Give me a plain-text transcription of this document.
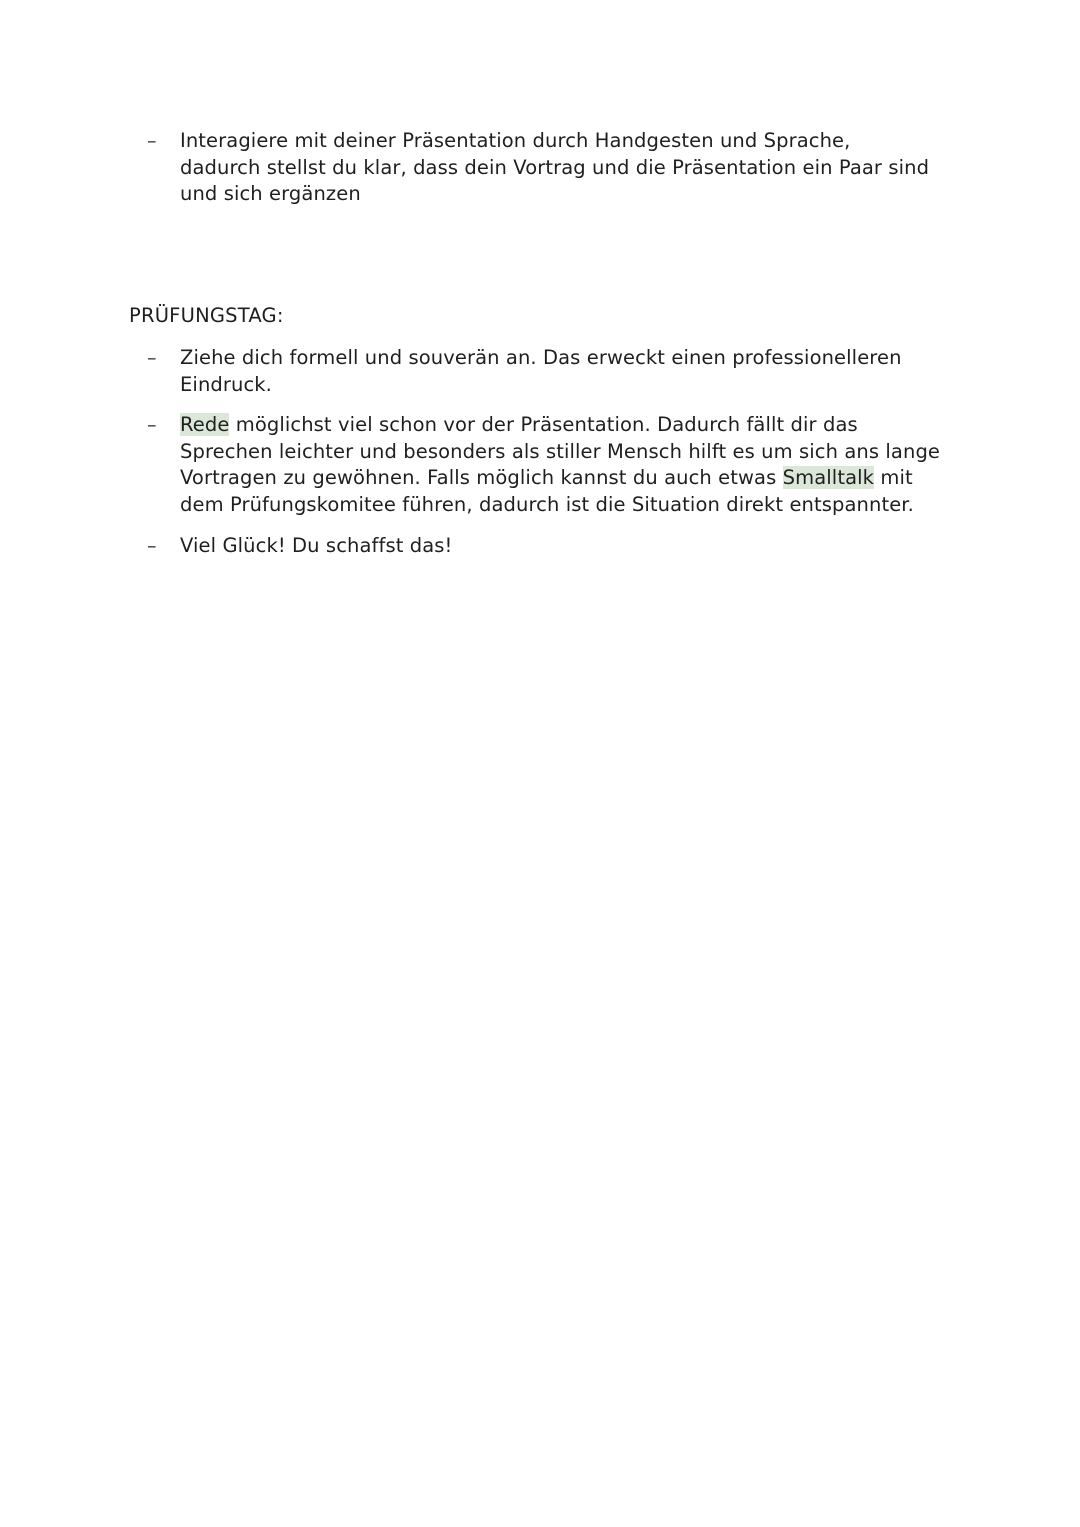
– Interagiere mit deiner Präsentation durch Handgesten und Sprache,
dadurch stellst du klar, dass dein Vortrag und die Präsentation ein Paar sind
und sich ergänzen
PRÜFUNGSTAG:
– Ziehe dich formell und souverän an. Das erweckt einen professionelleren
Eindruck.
– Rede möglichst viel schon vor der Präsentation. Dadurch fällt dir das
Sprechen leichter und besonders als stiller Mensch hilft es um sich ans lange
Vortragen zu gewöhnen. Falls möglich kannst du auch etwas Smalltalk mit
dem Prüfungskomitee führen, dadurch ist die Situation direkt entspannter.
– Viel Glück! Du schaffst das!
